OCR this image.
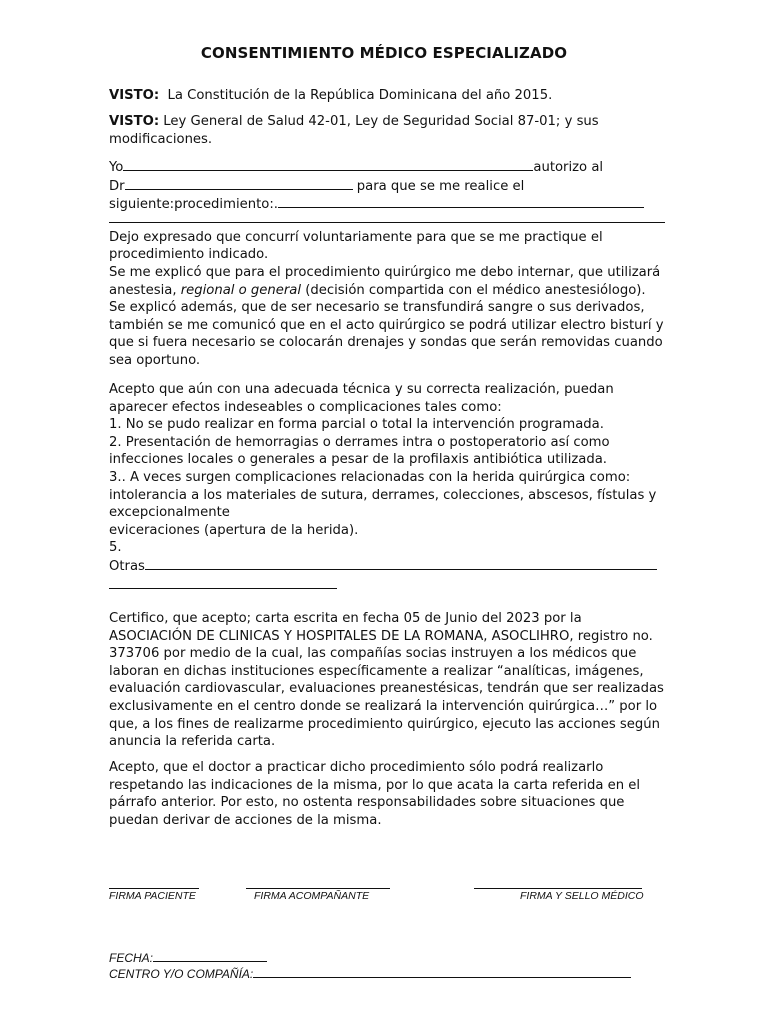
CONSENTIMIENTO MÉDICO ESPECIALIZADO
VISTO:  La Constitución de la República Dominicana del año 2015.
VISTO: Ley General de Salud 42-01, Ley de Seguridad Social 87-01; y sus modificaciones.
Yo	autorizo al
Dr	para que se me realice el
siguiente:procedimiento:.

Dejo expresado que concurrí voluntariamente para que se me practique el procedimiento indicado.

Se me explicó que para el procedimiento quirúrgico me debo internar, que utilizará anestesia, regional o general (decisión compartida con el médico anestesiólogo). Se explicó además, que de ser necesario se transfundirá sangre o sus derivados, también se me comunicó que en el acto quirúrgico se podrá utilizar electro bisturí y que si fuera necesario se colocarán drenajes y sondas que serán removidas cuando sea oportuno.

Acepto que aún con una adecuada técnica y su correcta realización, puedan aparecer efectos indeseables o complicaciones tales como:

1. No se pudo realizar en forma parcial o total la intervención programada.

2. Presentación de hemorragias o derrames intra o postoperatorio así como infecciones locales o generales a pesar de la profilaxis antibiótica utilizada.

3.. A veces surgen complicaciones relacionadas con la herida quirúrgica como: intolerancia a los materiales de sutura, derrames, colecciones, abscesos, fístulas y excepcionalmente

eviceraciones (apertura de la herida).

5.

Otras
Certifico, que acepto; carta escrita en fecha 05 de Junio del 2023 por la ASOCIACIÓN DE CLINICAS Y HOSPITALES DE LA ROMANA, ASOCLIHRO, registro no. 373706 por medio de la cual, las compañías socias instruyen a los médicos que laboran en dichas instituciones específicamente a realizar “analíticas, imágenes, evaluación cardiovascular, evaluaciones preanestésicas, tendrán que ser realizadas exclusivamente en el centro donde se realizará la intervención quirúrgica…” por lo que, a los fines de realizarme procedimiento quirúrgico, ejecuto las acciones según anuncia la referida carta.
Acepto, que el doctor a practicar dicho procedimiento sólo podrá realizarlo respetando las indicaciones de la misma, por lo que acata la carta referida en el párrafo anterior. Por esto, no ostenta responsabilidades sobre situaciones que puedan derivar de acciones de la misma.
FIRMA PACIENTE	FIRMA ACOMPAÑANTE	FIRMA Y SELLO MÉDICO
FECHA:
CENTRO Y/O COMPAÑÍA:
